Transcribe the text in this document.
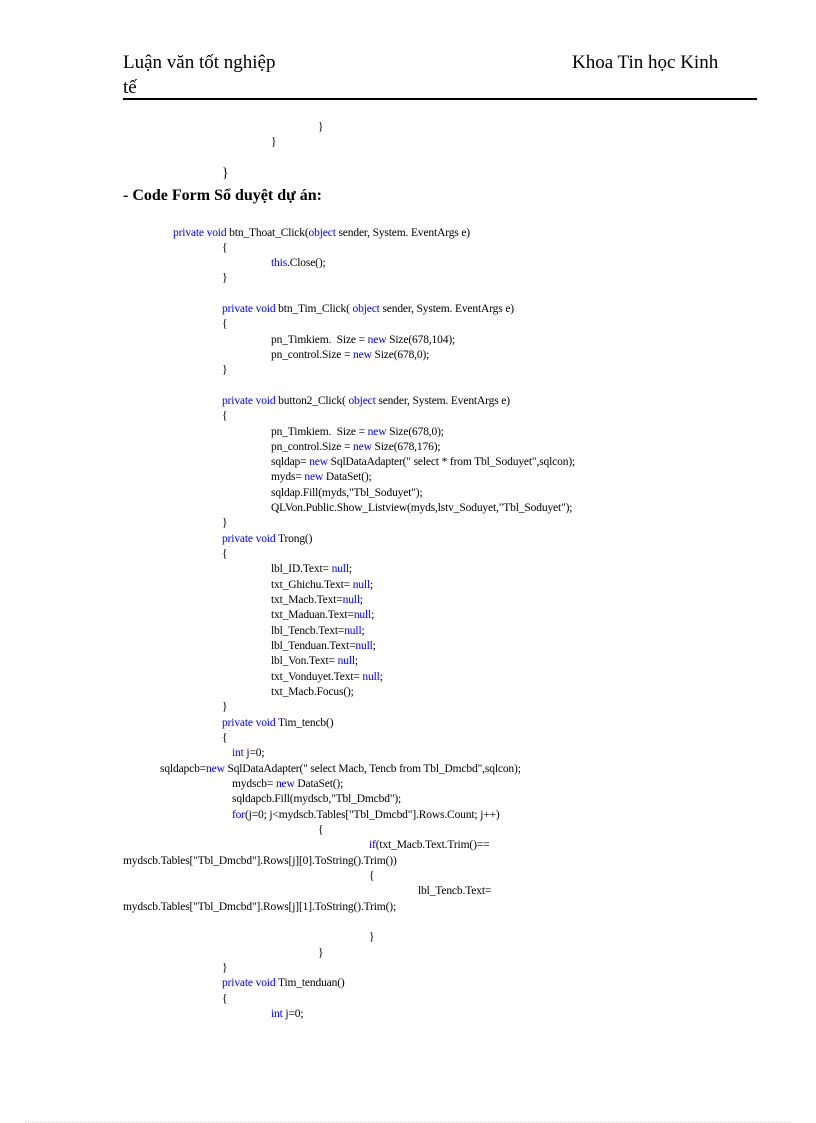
Luận văn tốt nghiệp
tế
Khoa Tin học Kinh
- Code Form Sổ duyệt dự án:
}
}
}
private void btn_Thoat_Click(object sender, System. EventArgs e)
{
this.Close();
}
private void btn_Tim_Click( object sender, System. EventArgs e)
{
pn_Timkiem.  Size = new Size(678,104);
pn_control.Size = new Size(678,0);
}
private void button2_Click( object sender, System. EventArgs e)
{
pn_Timkiem.  Size = new Size(678,0);
pn_control.Size = new Size(678,176);
sqldap= new SqlDataAdapter(" select * from Tbl_Soduyet",sqlcon);
myds= new DataSet();
sqldap.Fill(myds,"Tbl_Soduyet");
QLVon.Public.Show_Listview(myds,lstv_Soduyet,"Tbl_Soduyet");
}
private void Trong()
{
lbl_ID.Text= null;
txt_Ghichu.Text= null;
txt_Macb.Text=null;
txt_Maduan.Text=null;
lbl_Tencb.Text=null;
lbl_Tenduan.Text=null;
lbl_Von.Text= null;
txt_Vonduyet.Text= null;
txt_Macb.Focus();
}
private void Tim_tencb()
{
int j=0;
sqldapcb=new SqlDataAdapter(" select Macb, Tencb from Tbl_Dmcbd",sqlcon);
mydscb= new DataSet();
sqldapcb.Fill(mydscb,"Tbl_Dmcbd");
for(j=0; j<mydscb.Tables["Tbl_Dmcbd"].Rows.Count; j++)
{
if(txt_Macb.Text.Trim()==
mydscb.Tables["Tbl_Dmcbd"].Rows[j][0].ToString().Trim())
{
lbl_Tencb.Text=
mydscb.Tables["Tbl_Dmcbd"].Rows[j][1].ToString().Trim();
}
}
}
private void Tim_tenduan()
{
int j=0;
